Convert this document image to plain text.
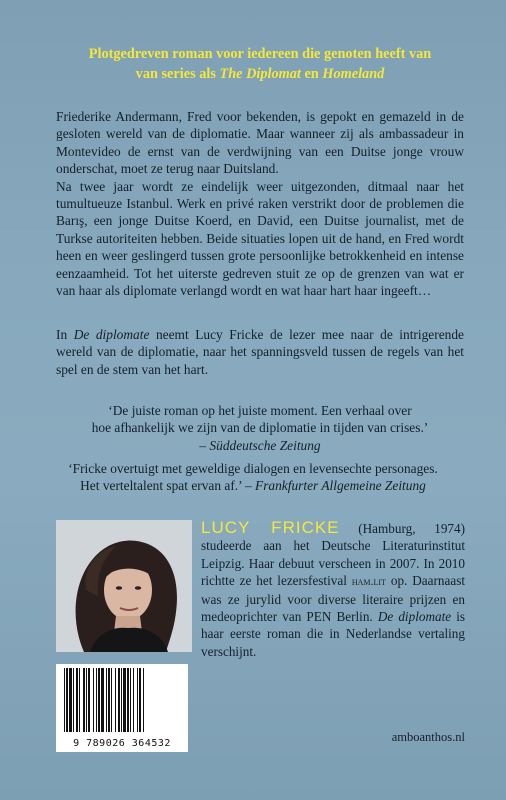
Plotgedreven roman voor iedereen die genoten heeft van
van series als The Diplomat en Homeland

Friederike Andermann, Fred voor bekenden, is gepokt en gemazeld in de gesloten wereld van de diplomatie. Maar wanneer zij als ambassadeur in Montevideo de ernst van de verdwijning van een Duitse jonge vrouw onderschat, moet ze terug naar Duitsland.

Na twee jaar wordt ze eindelijk weer uitgezonden, ditmaal naar het tumultueuze Istanbul. Werk en privé raken verstrikt door de problemen die Barış, een jonge Duitse Koerd, en David, een Duitse journalist, met de Turkse autoriteiten hebben. Beide situaties lopen uit de hand, en Fred wordt heen en weer geslingerd tussen grote persoonlijke betrokkenheid en intense eenzaamheid. Tot het uiterste gedreven stuit ze op de grenzen van wat er van haar als diplomate verlangd wordt en wat haar hart haar ingeeft…

In De diplomate neemt Lucy Fricke de lezer mee naar de intrigerende wereld van de diplomatie, naar het spanningsveld tussen de regels van het spel en de stem van het hart.
‘De juiste roman op het juiste moment. Een verhaal over
hoe afhankelijk we zijn van de diplomatie in tijden van crises.’
– Süddeutsche Zeitung
‘Fricke overtuigt met geweldige dialogen en levensechte personages.
Het verteltalent spat ervan af.’ – Frankfurter Allgemeine Zeitung
LUCY FRICKE (Hamburg, 1974) studeerde aan het Deutsche Literaturinstitut Leipzig. Haar debuut verscheen in 2007. In 2010 richtte ze het lezersfestival ham.lit op. Daarnaast was ze jurylid voor diverse literaire prijzen en medeoprichter van PEN Berlin. De diplomate is haar eerste roman die in Nederlandse vertaling verschijnt.
9 789026 364532	amboanthos.nl
